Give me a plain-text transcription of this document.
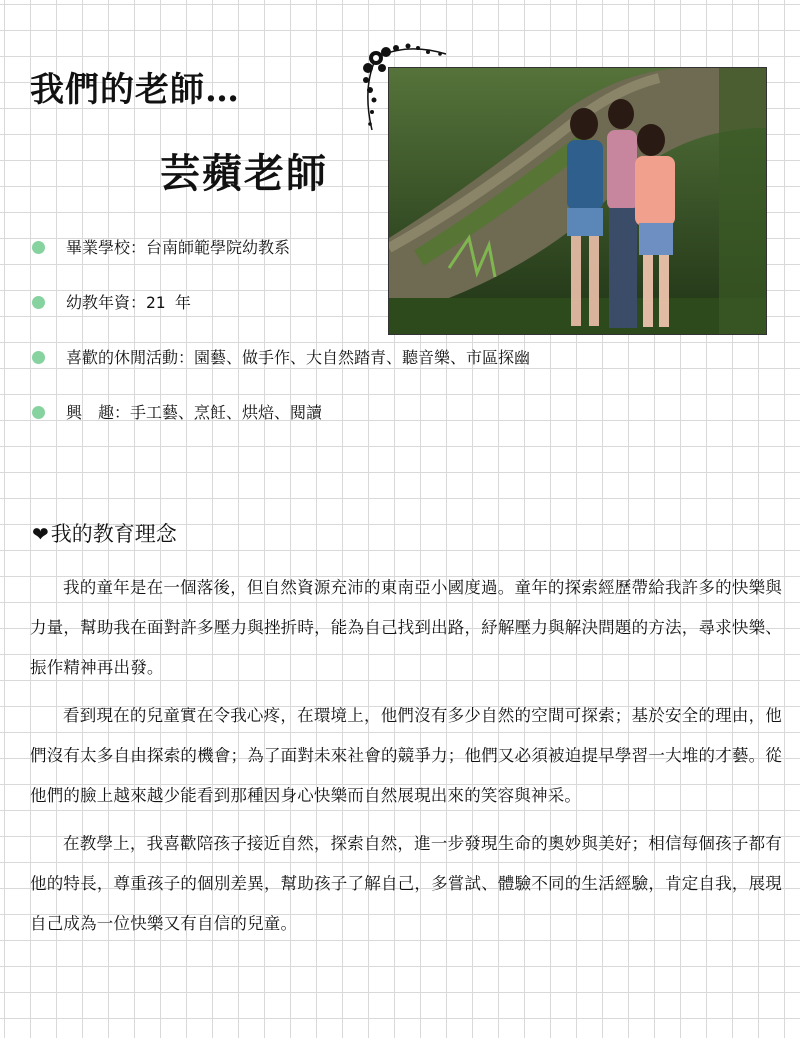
我們的老師…
芸蘋老師
畢業學校：台南師範學院幼教系
幼教年資：21 年
喜歡的休閒活動：園藝、做手作、大自然踏青、聽音樂、市區探幽
興　趣：手工藝、烹飪、烘焙、閱讀
❤我的教育理念

我的童年是在一個落後，但自然資源充沛的東南亞小國度過。童年的探索經歷帶給我許多的快樂與力量，幫助我在面對許多壓力與挫折時，能為自己找到出路，紓解壓力與解決問題的方法，尋求快樂、振作精神再出發。

看到現在的兒童實在令我心疼，在環境上，他們沒有多少自然的空間可探索；基於安全的理由，他們沒有太多自由探索的機會；為了面對未來社會的競爭力；他們又必須被迫提早學習一大堆的才藝。從他們的臉上越來越少能看到那種因身心快樂而自然展現出來的笑容與神采。

在教學上，我喜歡陪孩子接近自然，探索自然，進一步發現生命的奧妙與美好；相信每個孩子都有他的特長，尊重孩子的個別差異，幫助孩子了解自己，多嘗試、體驗不同的生活經驗，肯定自我，展現自己成為一位快樂又有自信的兒童。
